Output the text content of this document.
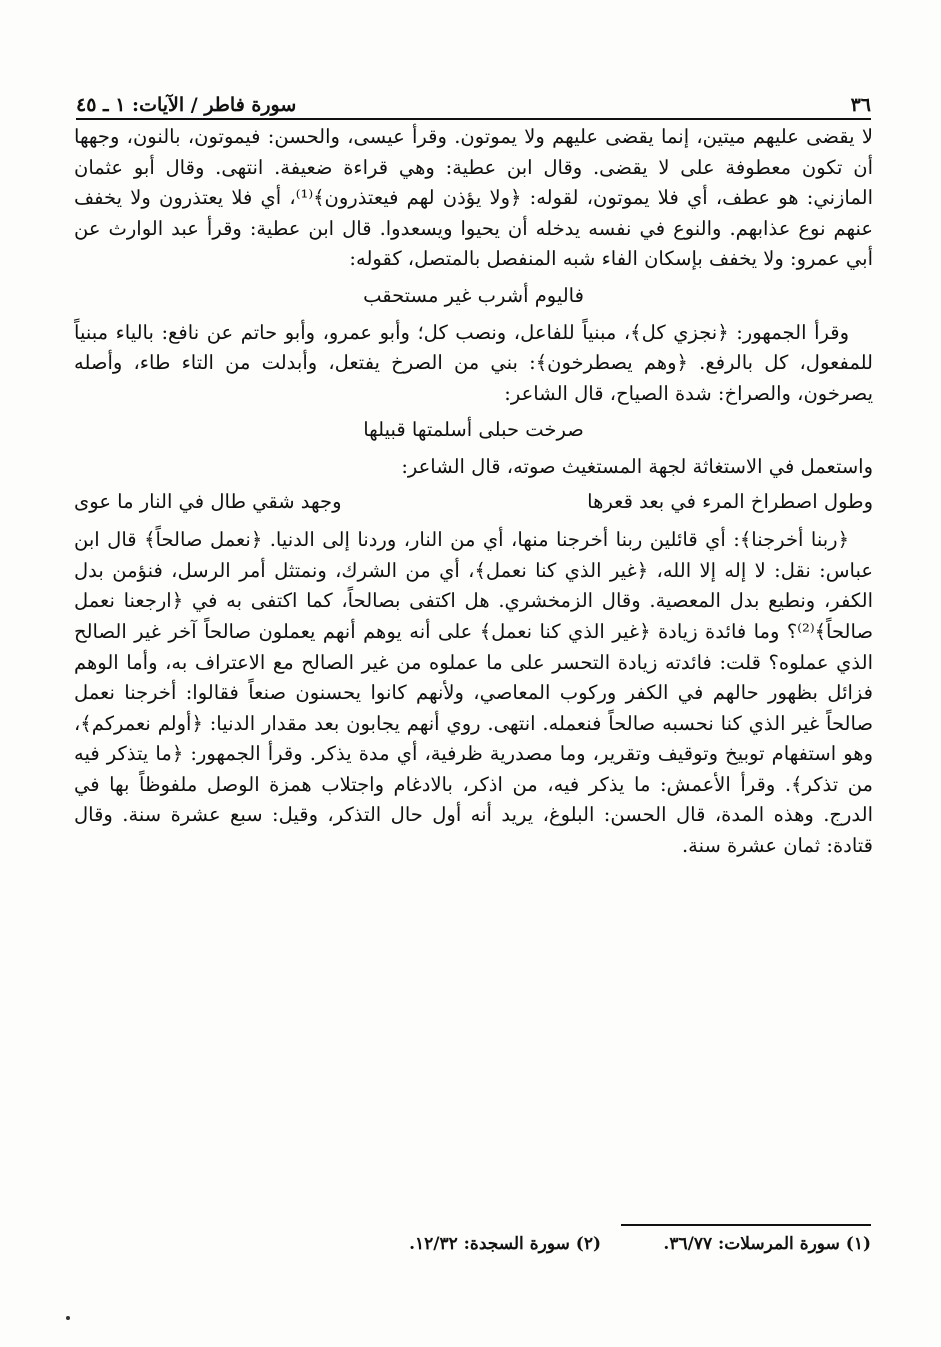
٣٦
سورة فاطر / الآيات: ١ ـ ٤٥

لا يقضى عليهم ميتين، إنما يقضى عليهم ولا يموتون. وقرأ عيسى، والحسن: فيموتون، بالنون، وجهها أن تكون معطوفة على لا يقضى. وقال ابن عطية: وهي قراءة ضعيفة. انتهى. وقال أبو عثمان المازني: هو عطف، أي فلا يموتون، لقوله: ﴿ولا يؤذن لهم فيعتذرون﴾⁽¹⁾، أي فلا يعتذرون ولا يخفف عنهم نوع عذابهم. والنوع في نفسه يدخله أن يحيوا ويسعدوا. قال ابن عطية: وقرأ عبد الوارث عن أبي عمرو: ولا يخفف بإسكان الفاء شبه المنفصل بالمتصل، كقوله:

فاليوم أشرب غير مستحقب

وقرأ الجمهور: ﴿نجزي كل﴾، مبنياً للفاعل، ونصب كل؛ وأبو عمرو، وأبو حاتم عن نافع: بالياء مبنياً للمفعول، كل بالرفع. ﴿وهم يصطرخون﴾: بني من الصرخ يفتعل، وأبدلت من التاء طاء، وأصله يصرخون، والصراخ: شدة الصياح، قال الشاعر:

صرخت حبلى أسلمتها قبيلها

واستعمل في الاستغاثة لجهة المستغيث صوته، قال الشاعر:

وطول اصطراخ المرء في بعد قعرها
وجهد شقي طال في النار ما عوى

﴿ربنا أخرجنا﴾: أي قائلين ربنا أخرجنا منها، أي من النار، وردنا إلى الدنيا. ﴿نعمل صالحاً﴾ قال ابن عباس: نقل: لا إله إلا الله، ﴿غير الذي كنا نعمل﴾، أي من الشرك، ونمتثل أمر الرسل، فنؤمن بدل الكفر، ونطيع بدل المعصية. وقال الزمخشري. هل اكتفى بصالحاً، كما اكتفى به في ﴿ارجعنا نعمل صالحاً﴾⁽²⁾؟ وما فائدة زيادة ﴿غير الذي كنا نعمل﴾ على أنه يوهم أنهم يعملون صالحاً آخر غير الصالح الذي عملوه؟ قلت: فائدته زيادة التحسر على ما عملوه من غير الصالح مع الاعتراف به، وأما الوهم فزائل بظهور حالهم في الكفر وركوب المعاصي، ولأنهم كانوا يحسنون صنعاً فقالوا: أخرجنا نعمل صالحاً غير الذي كنا نحسبه صالحاً فنعمله. انتهى. روي أنهم يجابون بعد مقدار الدنيا: ﴿أولم نعمركم﴾، وهو استفهام توبيخ وتوقيف وتقرير، وما مصدرية ظرفية، أي مدة يذكر. وقرأ الجمهور: ﴿ما يتذكر فيه من تذكر﴾. وقرأ الأعمش: ما يذكر فيه، من اذكر، بالادغام واجتلاب همزة الوصل ملفوظاً بها في الدرج. وهذه المدة، قال الحسن: البلوغ، يريد أنه أول حال التذكر، وقيل: سبع عشرة سنة. وقال قتادة: ثمان عشرة سنة.

(١) سورة المرسلات: ٣٦/٧٧.
(٢) سورة السجدة: ١٢/٣٢.
